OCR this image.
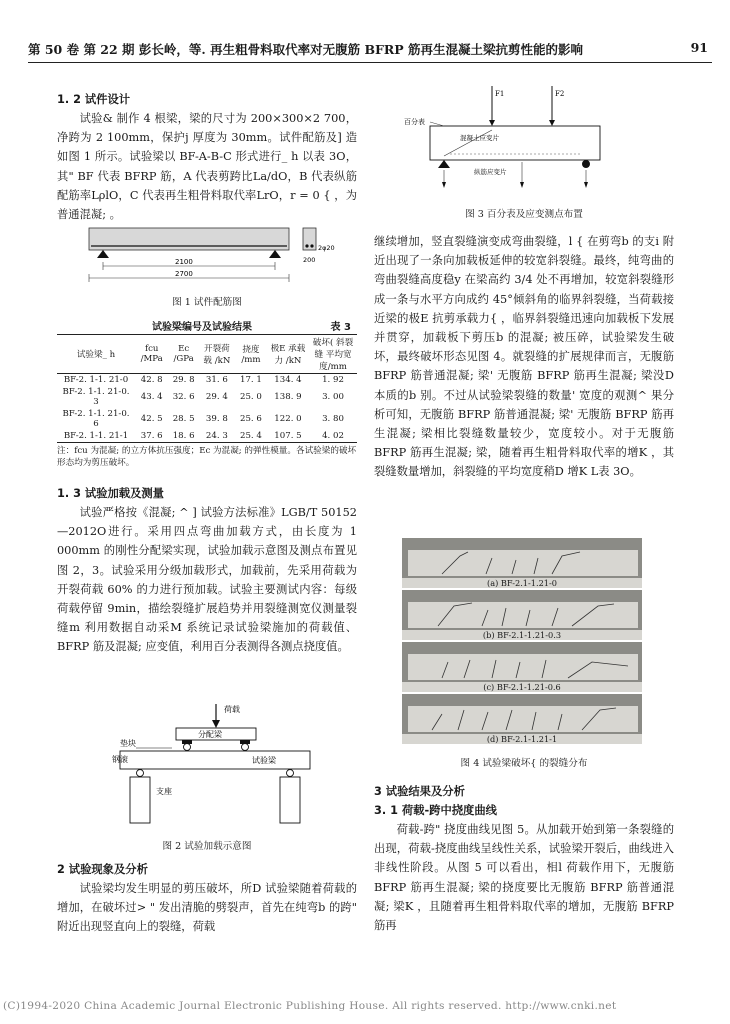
第 50 卷 第 22 期 彭长岭，等. 再生粗骨料取代率对无腹筋 BFRP 筋再生混凝土梁抗剪性能的影响	91
1. 2 试件设计

试验& 制作 4 根梁，梁的尺寸为 200×300×2 700，净跨为 2 100mm，保护j 厚度为 30mm。试件配筋及] 造如图 1 所示。试验梁以 BF-A-B-C 形式进行_ h 以表 3O，其" BF 代表 BFRP 筋，A 代表剪跨比La/dO，B 代表纵筋配筋率LρlO，C 代表再生粗骨料取代率LrO，r = 0 { ，为普通混凝; 。

2100
2700
200
2φ20
图 1 试件配筋图
试验梁编号及试验结果	表 3
试验梁_ h	fcu /MPa	Ec /GPa	开裂荷载 /kN	挠度 /mm	极E 承载力 /kN	破坏( 斜裂缝 平均宽度/mm
BF-2. 1-1. 21-0	42. 8	29. 8	31. 6	17. 1	134. 4	1. 92
BF-2. 1-1. 21-0. 3	43. 4	32. 6	29. 4	25. 0	138. 9	3. 00
BF-2. 1-1. 21-0. 6	42. 5	28. 5	39. 8	25. 6	122. 0	3. 80
BF-2. 1-1. 21-1	37. 6	18. 6	24. 3	25. 4	107. 5	4. 02
注：fcu 为混凝; 的立方体抗压强度；Ec 为混凝; 的弹性模量。各试验梁的破坏形态均为剪压破坏。
1. 3 试验加载及测量

试验严格按《混凝; ^ ] 试验方法标准》LGB/T 50152—2012O进行。采用四点弯曲加载方式，由长度为 1 000mm 的刚性分配梁实现，试验加载示意图及测点布置见图 2，3。试验采用分级加载形式，加载前，先采用荷载为开裂荷载 60% 的力进行预加载。试验主要测试内容：每级荷载停留 9min，描绘裂缝扩展趋势并用裂缝测宽仪测量裂缝m 利用数据自动采M 系统记录试验梁施加的荷载值、BFRP 筋及混凝; 应变值，利用百分表测得各测点挠度值。

荷载
分配梁
试验梁
垫块
钢滚
支座
图 2 试验加载示意图
2 试验现象及分析

试验梁均发生明显的剪压破坏，所D 试验梁随着荷载的增加，在破坏过> " 发出清脆的劈裂声，首先在纯弯b 的跨" 附近出现竖直向上的裂缝，荷载

F1	F2
百分表
混凝土应变片
纵筋应变片
图 3 百分表及应变测点布置

继续增加，竖直裂缝演变成弯曲裂缝，l { 在剪弯b 的支i 附近出现了一条向加载板延伸的较宽斜裂缝。最终，纯弯曲的弯曲裂缝高度稳y 在梁高约 3/4 处不再增加，较宽斜裂缝形成一条与水平方向成约 45°倾斜角的临界斜裂缝，当荷载接近梁的极E 抗剪承载力{ ，临界斜裂缝迅速向加载板下发展并贯穿，加载板下剪压b 的混凝; 被压碎，试验梁发生破坏，最终破坏形态见图 4。就裂缝的扩展规律而言，无腹筋 BFRP 筋普通混凝; 梁' 无腹筋 BFRP 筋再生混凝; 梁没D 本质的b 别。不过从试验梁裂缝的数量' 宽度的观测^ 果分析可知，无腹筋 BFRP 筋普通混凝; 梁' 无腹筋 BFRP 筋再生混凝; 梁相比裂缝数量较少，宽度较小。对于无腹筋 BFRP 筋再生混凝; 梁，随着再生粗骨料取代率的增K ，其裂缝数量增加，斜裂缝的平均宽度稍D 增K L表 3O。

(a) BF-2.1-1.21-0
(b) BF-2.1-1.21-0.3
(c) BF-2.1-1.21-0.6
(d) BF-2.1-1.21-1
图 4 试验梁破坏{ 的裂缝分布
3 试验结果及分析
3. 1 荷载-跨中挠度曲线

荷载-跨" 挠度曲线见图 5。从加载开始到第一条裂缝的出现，荷载-挠度曲线呈线性关系，试验梁开裂后，曲线进入非线性阶段。从图 5 可以看出，相l 荷载作用下，无腹筋 BFRP 筋再生混凝; 梁的挠度要比无腹筋 BFRP 筋普通混凝; 梁K ，且随着再生粗骨料取代率的增加，无腹筋 BFRP 筋再

(C)1994-2020 China Academic Journal Electronic Publishing House. All rights reserved. http://www.cnki.net
